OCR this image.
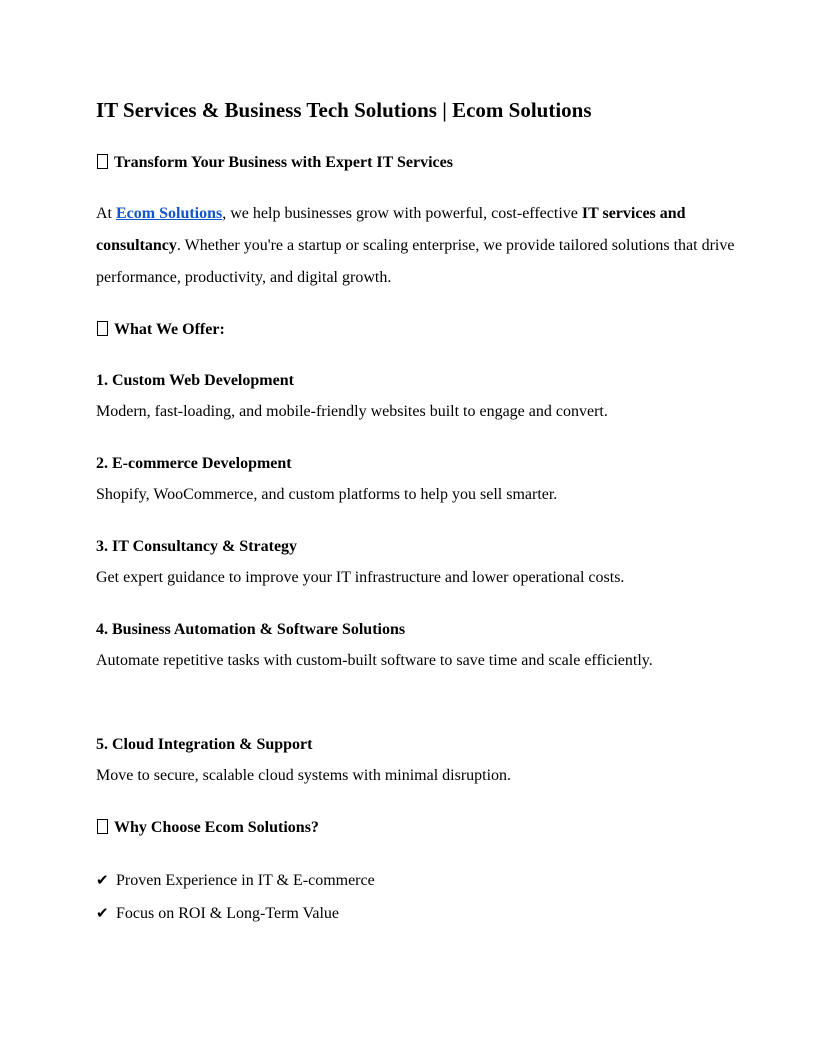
IT Services & Business Tech Solutions | Ecom Solutions
Transform Your Business with Expert IT Services

At Ecom Solutions, we help businesses grow with powerful, cost-effective IT services and consultancy. Whether you're a startup or scaling enterprise, we provide tailored solutions that drive performance, productivity, and digital growth.

What We Offer:
1. Custom Web Development

Modern, fast-loading, and mobile-friendly websites built to engage and convert.

2. E-commerce Development

Shopify, WooCommerce, and custom platforms to help you sell smarter.

3. IT Consultancy & Strategy

Get expert guidance to improve your IT infrastructure and lower operational costs.

4. Business Automation & Software Solutions

Automate repetitive tasks with custom-built software to save time and scale efficiently.

5. Cloud Integration & Support

Move to secure, scalable cloud systems with minimal disruption.

Why Choose Ecom Solutions?

✔ Proven Experience in IT & E-commerce

✔ Focus on ROI & Long-Term Value
